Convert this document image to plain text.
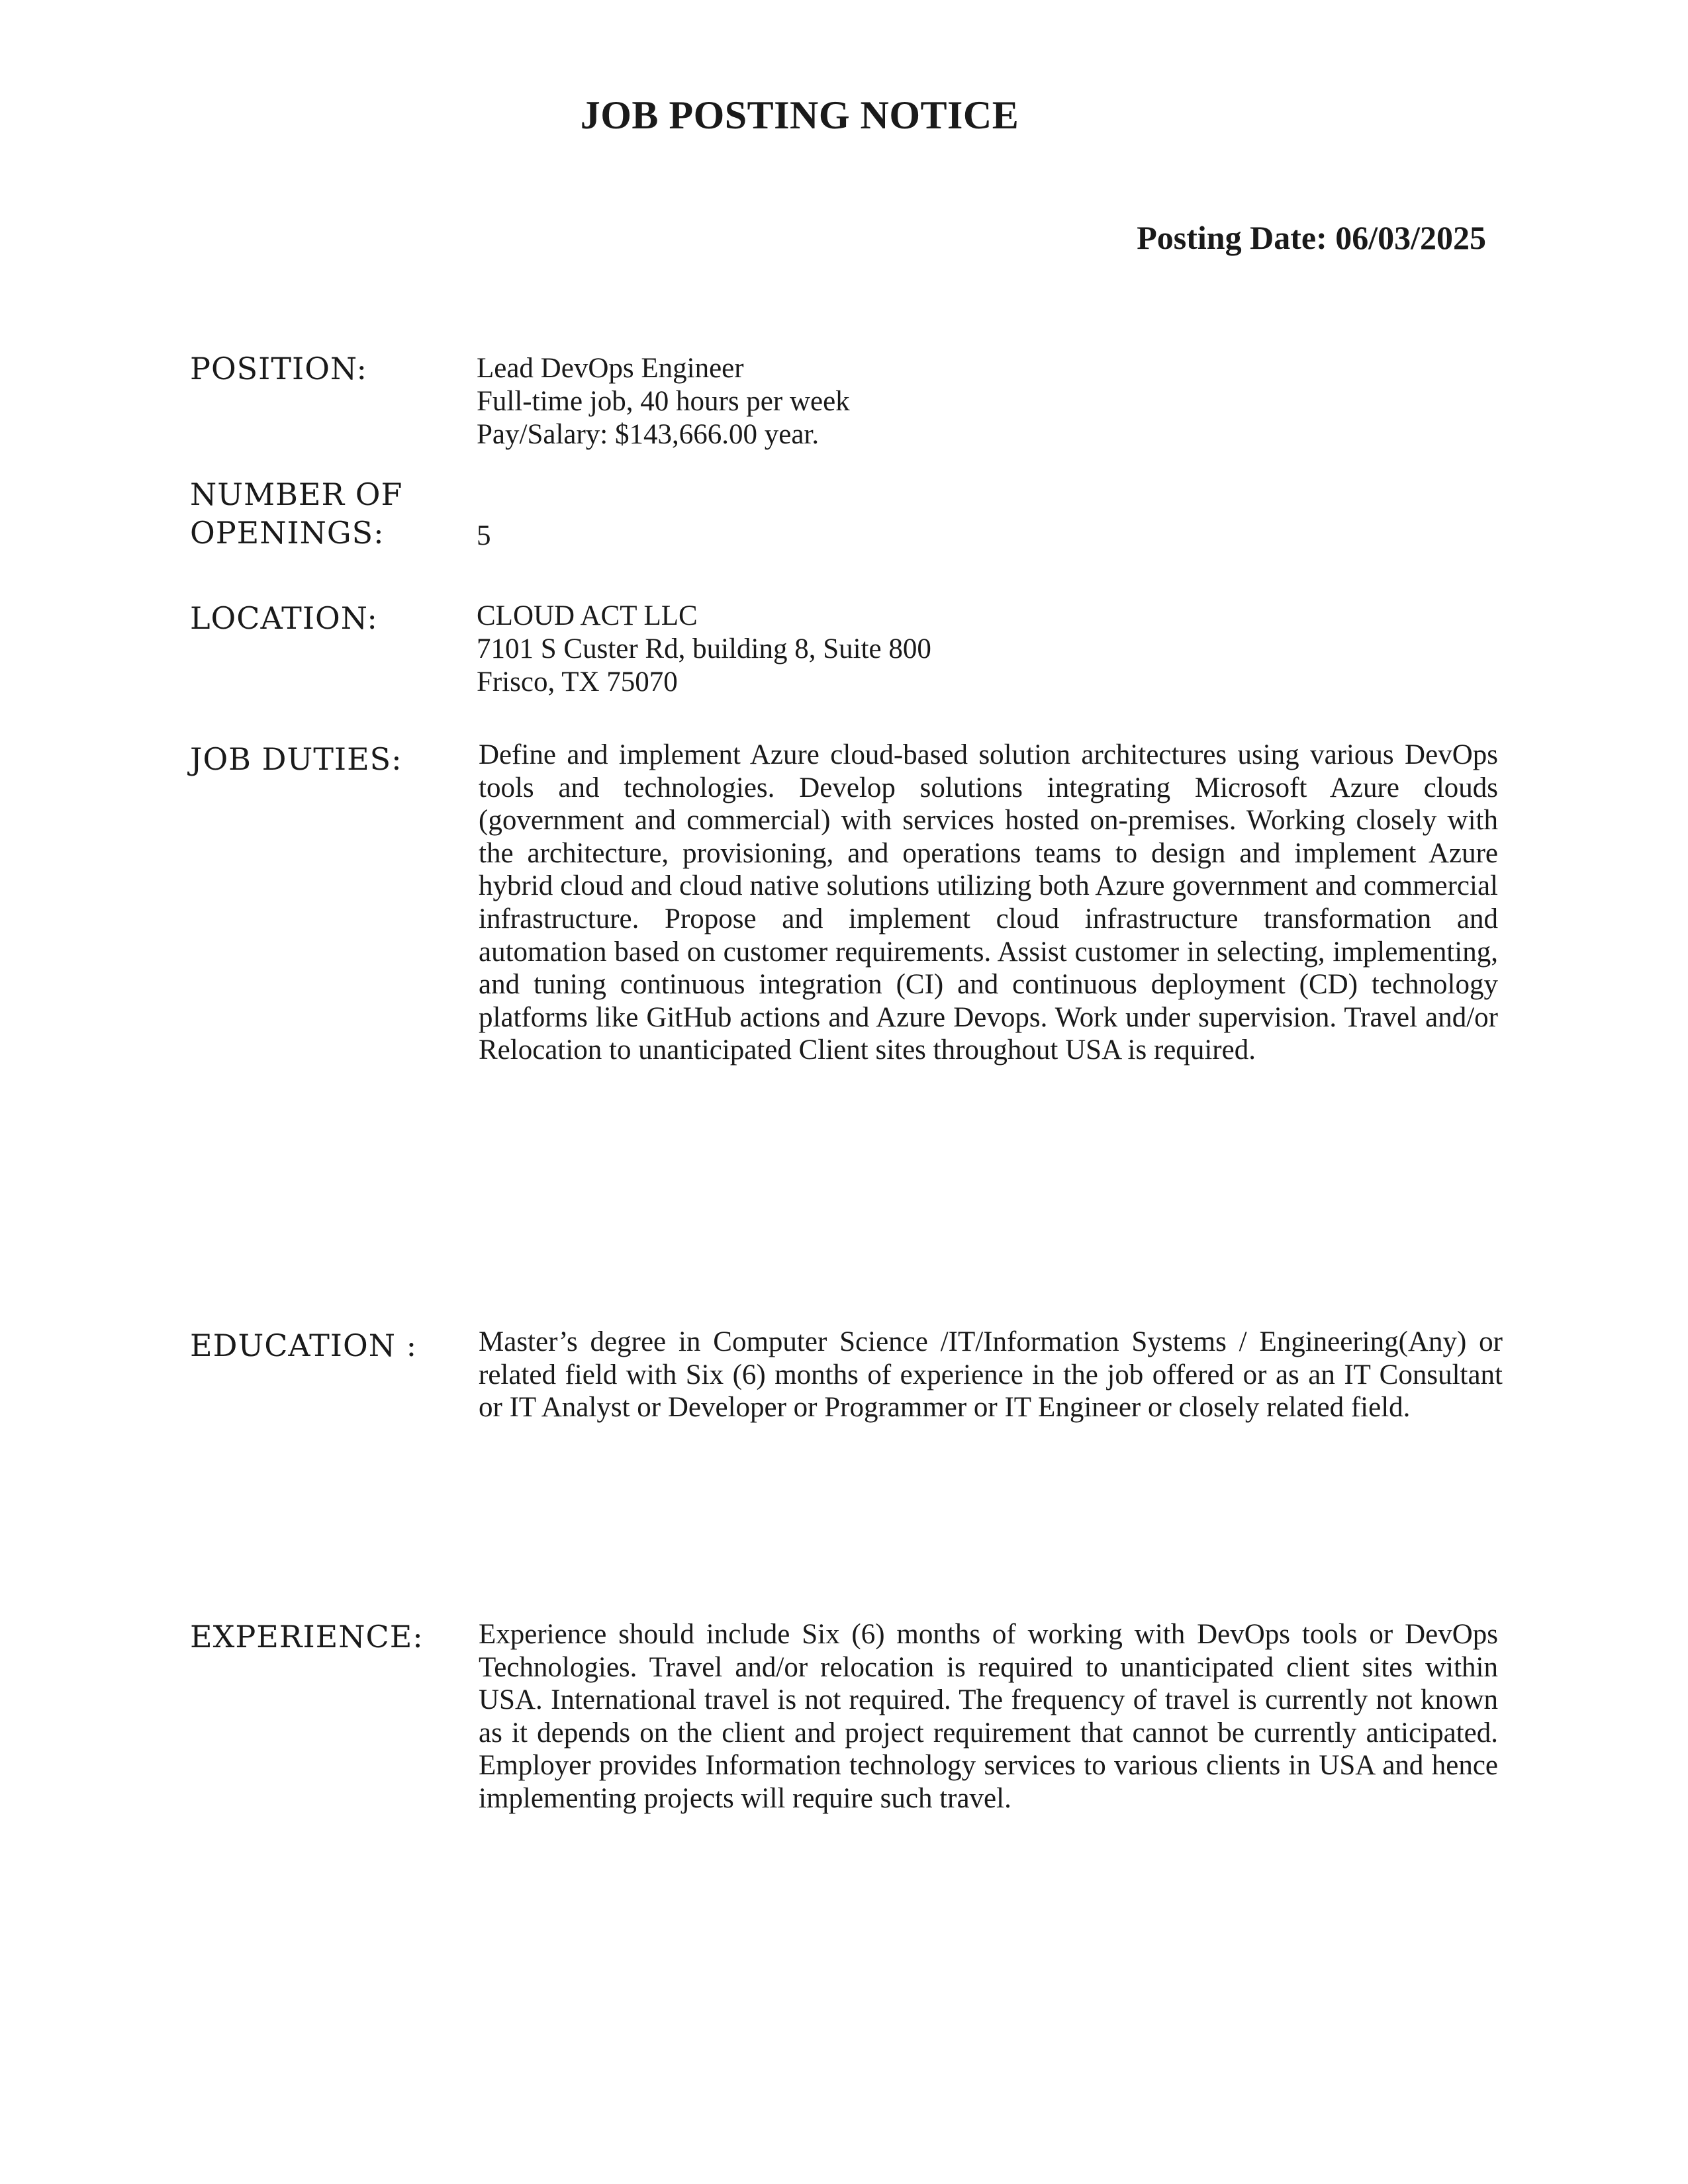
JOB POSTING NOTICE
Posting Date: 06/03/2025
POSITION:	Lead DevOps Engineer
Full-time job, 40 hours per week
Pay/Salary: $143,666.00 year.
NUMBER OF
OPENINGS:	5
LOCATION:	CLOUD ACT LLC
7101 S Custer Rd, building 8, Suite 800
Frisco, TX 75070
JOB DUTIES:	Define and implement Azure cloud-based solution architectures using various DevOps tools and technologies. Develop solutions integrating Microsoft Azure clouds (government and commercial) with services hosted on-premises. Working closely with the architecture, provisioning, and operations teams to design and implement Azure hybrid cloud and cloud native solutions utilizing both Azure government and commercial infrastructure. Propose and implement cloud infrastructure transformation and automation based on customer requirements. Assist customer in selecting, implementing, and tuning continuous integration (CI) and continuous deployment (CD) technology platforms like GitHub actions and Azure Devops. Work under supervision. Travel and/or Relocation to unanticipated Client sites throughout USA is required.

EDUCATION : Master’s degree in Computer Science /IT/Information Systems / Engineering(Any) or related field with Six (6) months of experience in the job offered or as an IT Consultant or IT Analyst or Developer or Programmer or IT Engineer or closely related field.

EXPERIENCE: Experience should include Six (6) months of working with DevOps tools or DevOps Technologies. Travel and/or relocation is required to unanticipated client sites within USA. International travel is not required. The frequency of travel is currently not known as it depends on the client and project requirement that cannot be currently anticipated. Employer provides Information technology services to various clients in USA and hence implementing projects will require such travel.
